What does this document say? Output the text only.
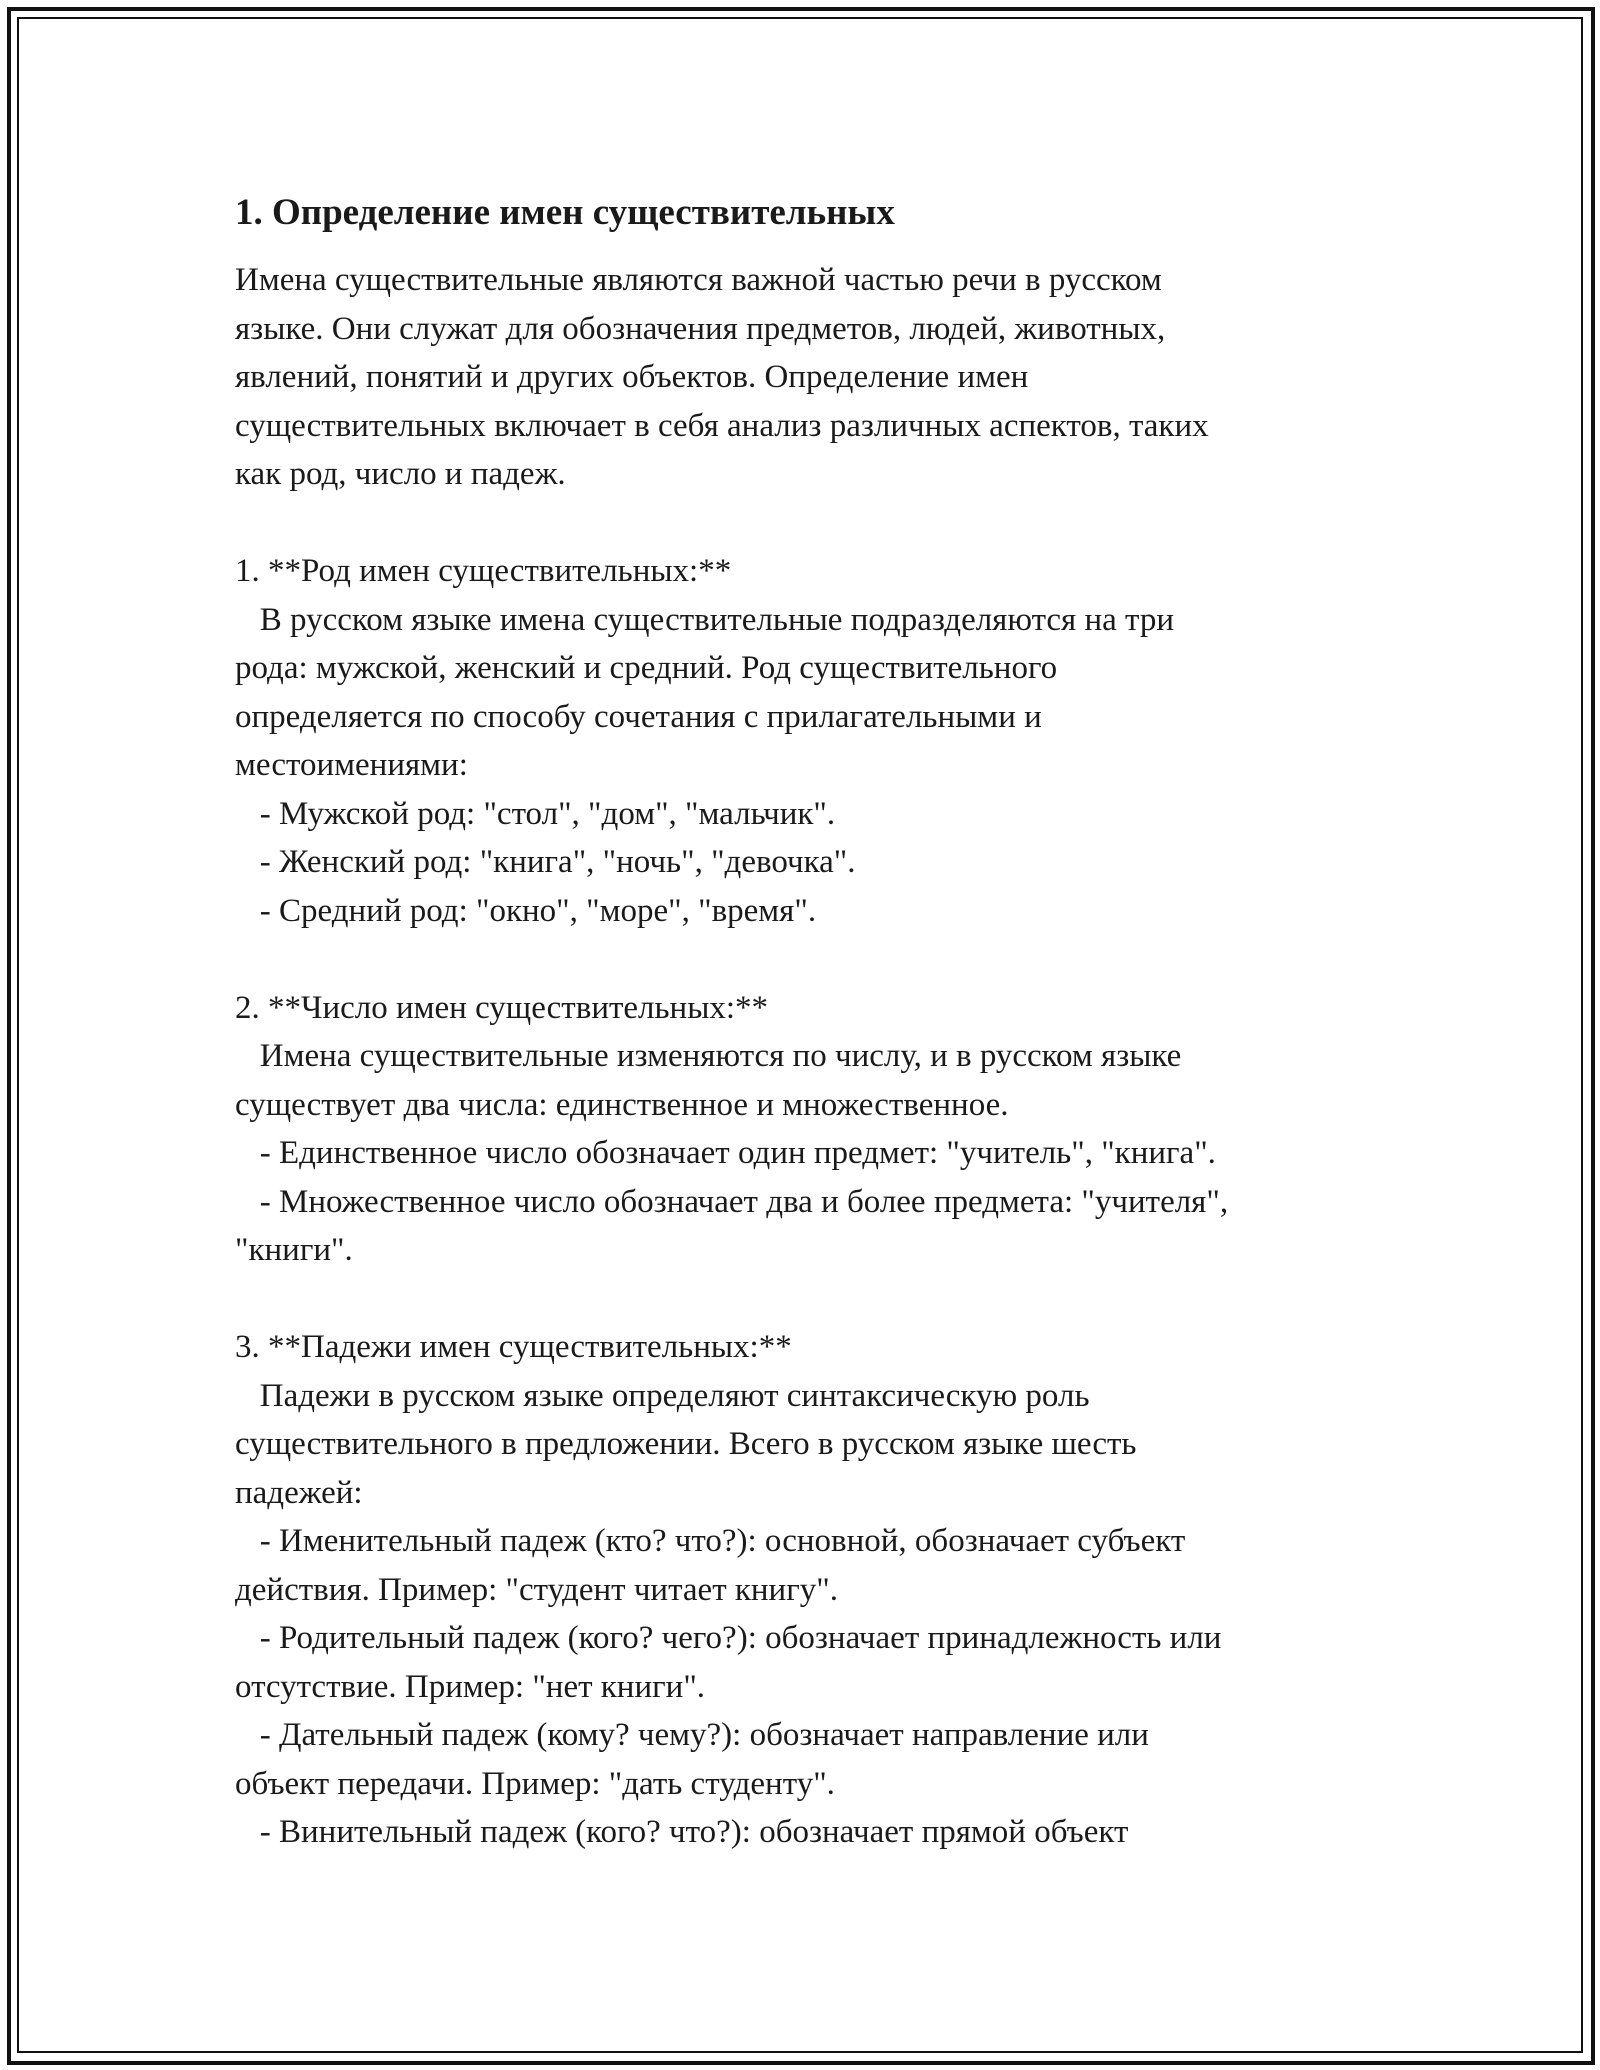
1. Определение имен существительных

Имена существительные являются важной частью речи в русском
языке. Они служат для обозначения предметов, людей, животных,
явлений, понятий и других объектов. Определение имен
существительных включает в себя анализ различных аспектов, таких
как род, число и падеж.

1. **Род имен существительных:**

В русском языке имена существительные подразделяются на три
рода: мужской, женский и средний. Род существительного
определяется по способу сочетания с прилагательными и
местоимениями:

- Мужской род: "стол", "дом", "мальчик".

- Женский род: "книга", "ночь", "девочка".

- Средний род: "окно", "море", "время".

2. **Число имен существительных:**

Имена существительные изменяются по числу, и в русском языке
существует два числа: единственное и множественное.

- Единственное число обозначает один предмет: "учитель", "книга".

- Множественное число обозначает два и более предмета: "учителя",
"книги".

3. **Падежи имен существительных:**

Падежи в русском языке определяют синтаксическую роль
существительного в предложении. Всего в русском языке шесть
падежей:

- Именительный падеж (кто? что?): основной, обозначает субъект
действия. Пример: "студент читает книгу".

- Родительный падеж (кого? чего?): обозначает принадлежность или
отсутствие. Пример: "нет книги".

- Дательный падеж (кому? чему?): обозначает направление или
объект передачи. Пример: "дать студенту".

- Винительный падеж (кого? что?): обозначает прямой объект
